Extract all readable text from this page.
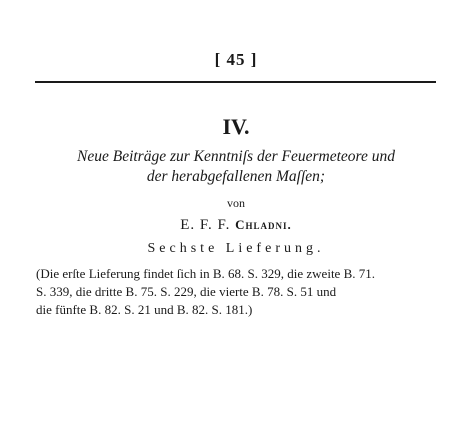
[ 45 ]
IV.
Neue Beiträge zur Kenntniſs der Feuermeteore und
der herabgefallenen Maſſen;
von
E. F. F. Chladni.
Sechste Lieferung.
(Die erſte Lieferung findet ſich in B. 68. S. 329, die zweite B. 71.
S. 339, die dritte B. 75. S. 229, die vierte B. 78. S. 51 und
die fünfte B. 82. S. 21 und B. 82. S. 181.)
